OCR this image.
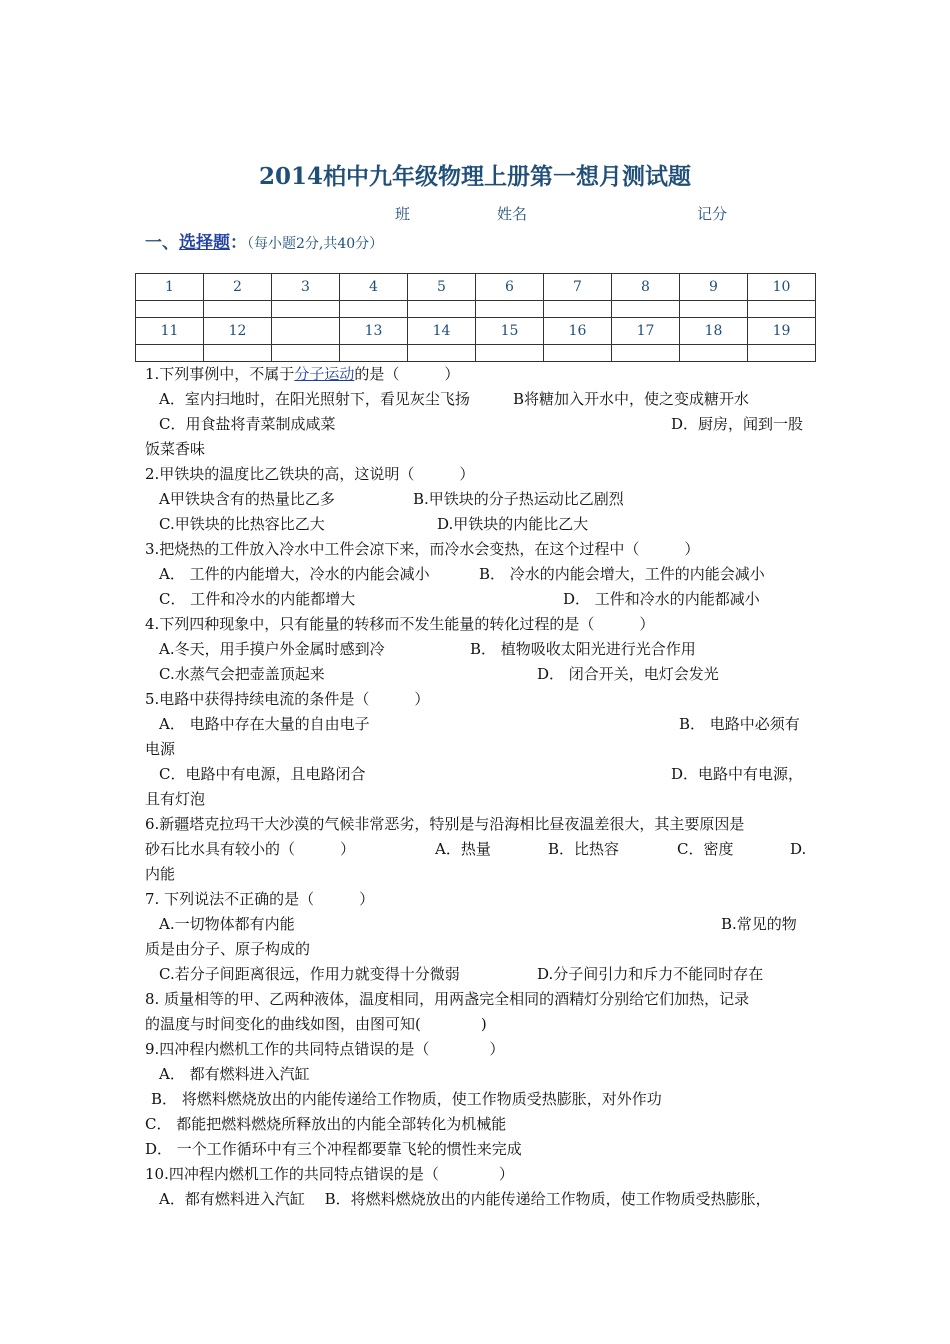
2014柏中九年级物理上册第一想月测试题
班	姓名	记分
一、选择题：（每小题2分,共40分）
1	2	3	4	5	6	7	8	9	10

11	12		13	14	15	16	17	18	19

1.下列事例中，不属于分子运动的是（　　　）
A．室内扫地时，在阳光照射下，看见灰尘飞扬	B将糖加入开水中，使之变成糖开水
C．用食盐将青菜制成咸菜	D．厨房，闻到一股
饭菜香味
2.甲铁块的温度比乙铁块的高，这说明（　　　）
A甲铁块含有的热量比乙多	B.甲铁块的分子热运动比乙剧烈
C.甲铁块的比热容比乙大	D.甲铁块的内能比乙大
3.把烧热的工件放入冷水中工件会凉下来，而冷水会变热，在这个过程中（　　　）
A． 工件的内能增大，冷水的内能会减小	B． 冷水的内能会增大，工件的内能会减小
C． 工件和冷水的内能都增大	D． 工件和冷水的内能都减小
4.下列四种现象中，只有能量的转移而不发生能量的转化过程的是（　　　）
A.冬天，用手摸户外金属时感到冷	B． 植物吸收太阳光进行光合作用
C.水蒸气会把壶盖顶起来	D． 闭合开关，电灯会发光
5.电路中获得持续电流的条件是（　　　）
A． 电路中存在大量的自由电子	B． 电路中必须有
电源
C．电路中有电源，且电路闭合	D．电路中有电源，
且有灯泡
6.新疆塔克拉玛干大沙漠的气候非常恶劣，特别是与沿海相比昼夜温差很大，其主要原因是
砂石比水具有较小的（　　　）	A．热量	B．比热容	C．密度	D.
内能
7. 下列说法不正确的是（　　　）
A.一切物体都有内能	B.常见的物
质是由分子、原子构成的
C.若分子间距离很远，作用力就变得十分微弱	D.分子间引力和斥力不能同时存在
8. 质量相等的甲、乙两种液体，温度相同，用两盏完全相同的酒精灯分别给它们加热，记录
的温度与时间变化的曲线如图，由图可知(　　　　)
9.四冲程内燃机工作的共同特点错误的是（　　　　）
A． 都有燃料进入汽缸
B． 将燃料燃烧放出的内能传递给工作物质，使工作物质受热膨胀，对外作功
C． 都能把燃料燃烧所释放出的内能全部转化为机械能
D． 一个工作循环中有三个冲程都要靠飞轮的惯性来完成
10.四冲程内燃机工作的共同特点错误的是（　　　　）
A．都有燃料进入汽缸　 B．将燃料燃烧放出的内能传递给工作物质，使工作物质受热膨胀，
